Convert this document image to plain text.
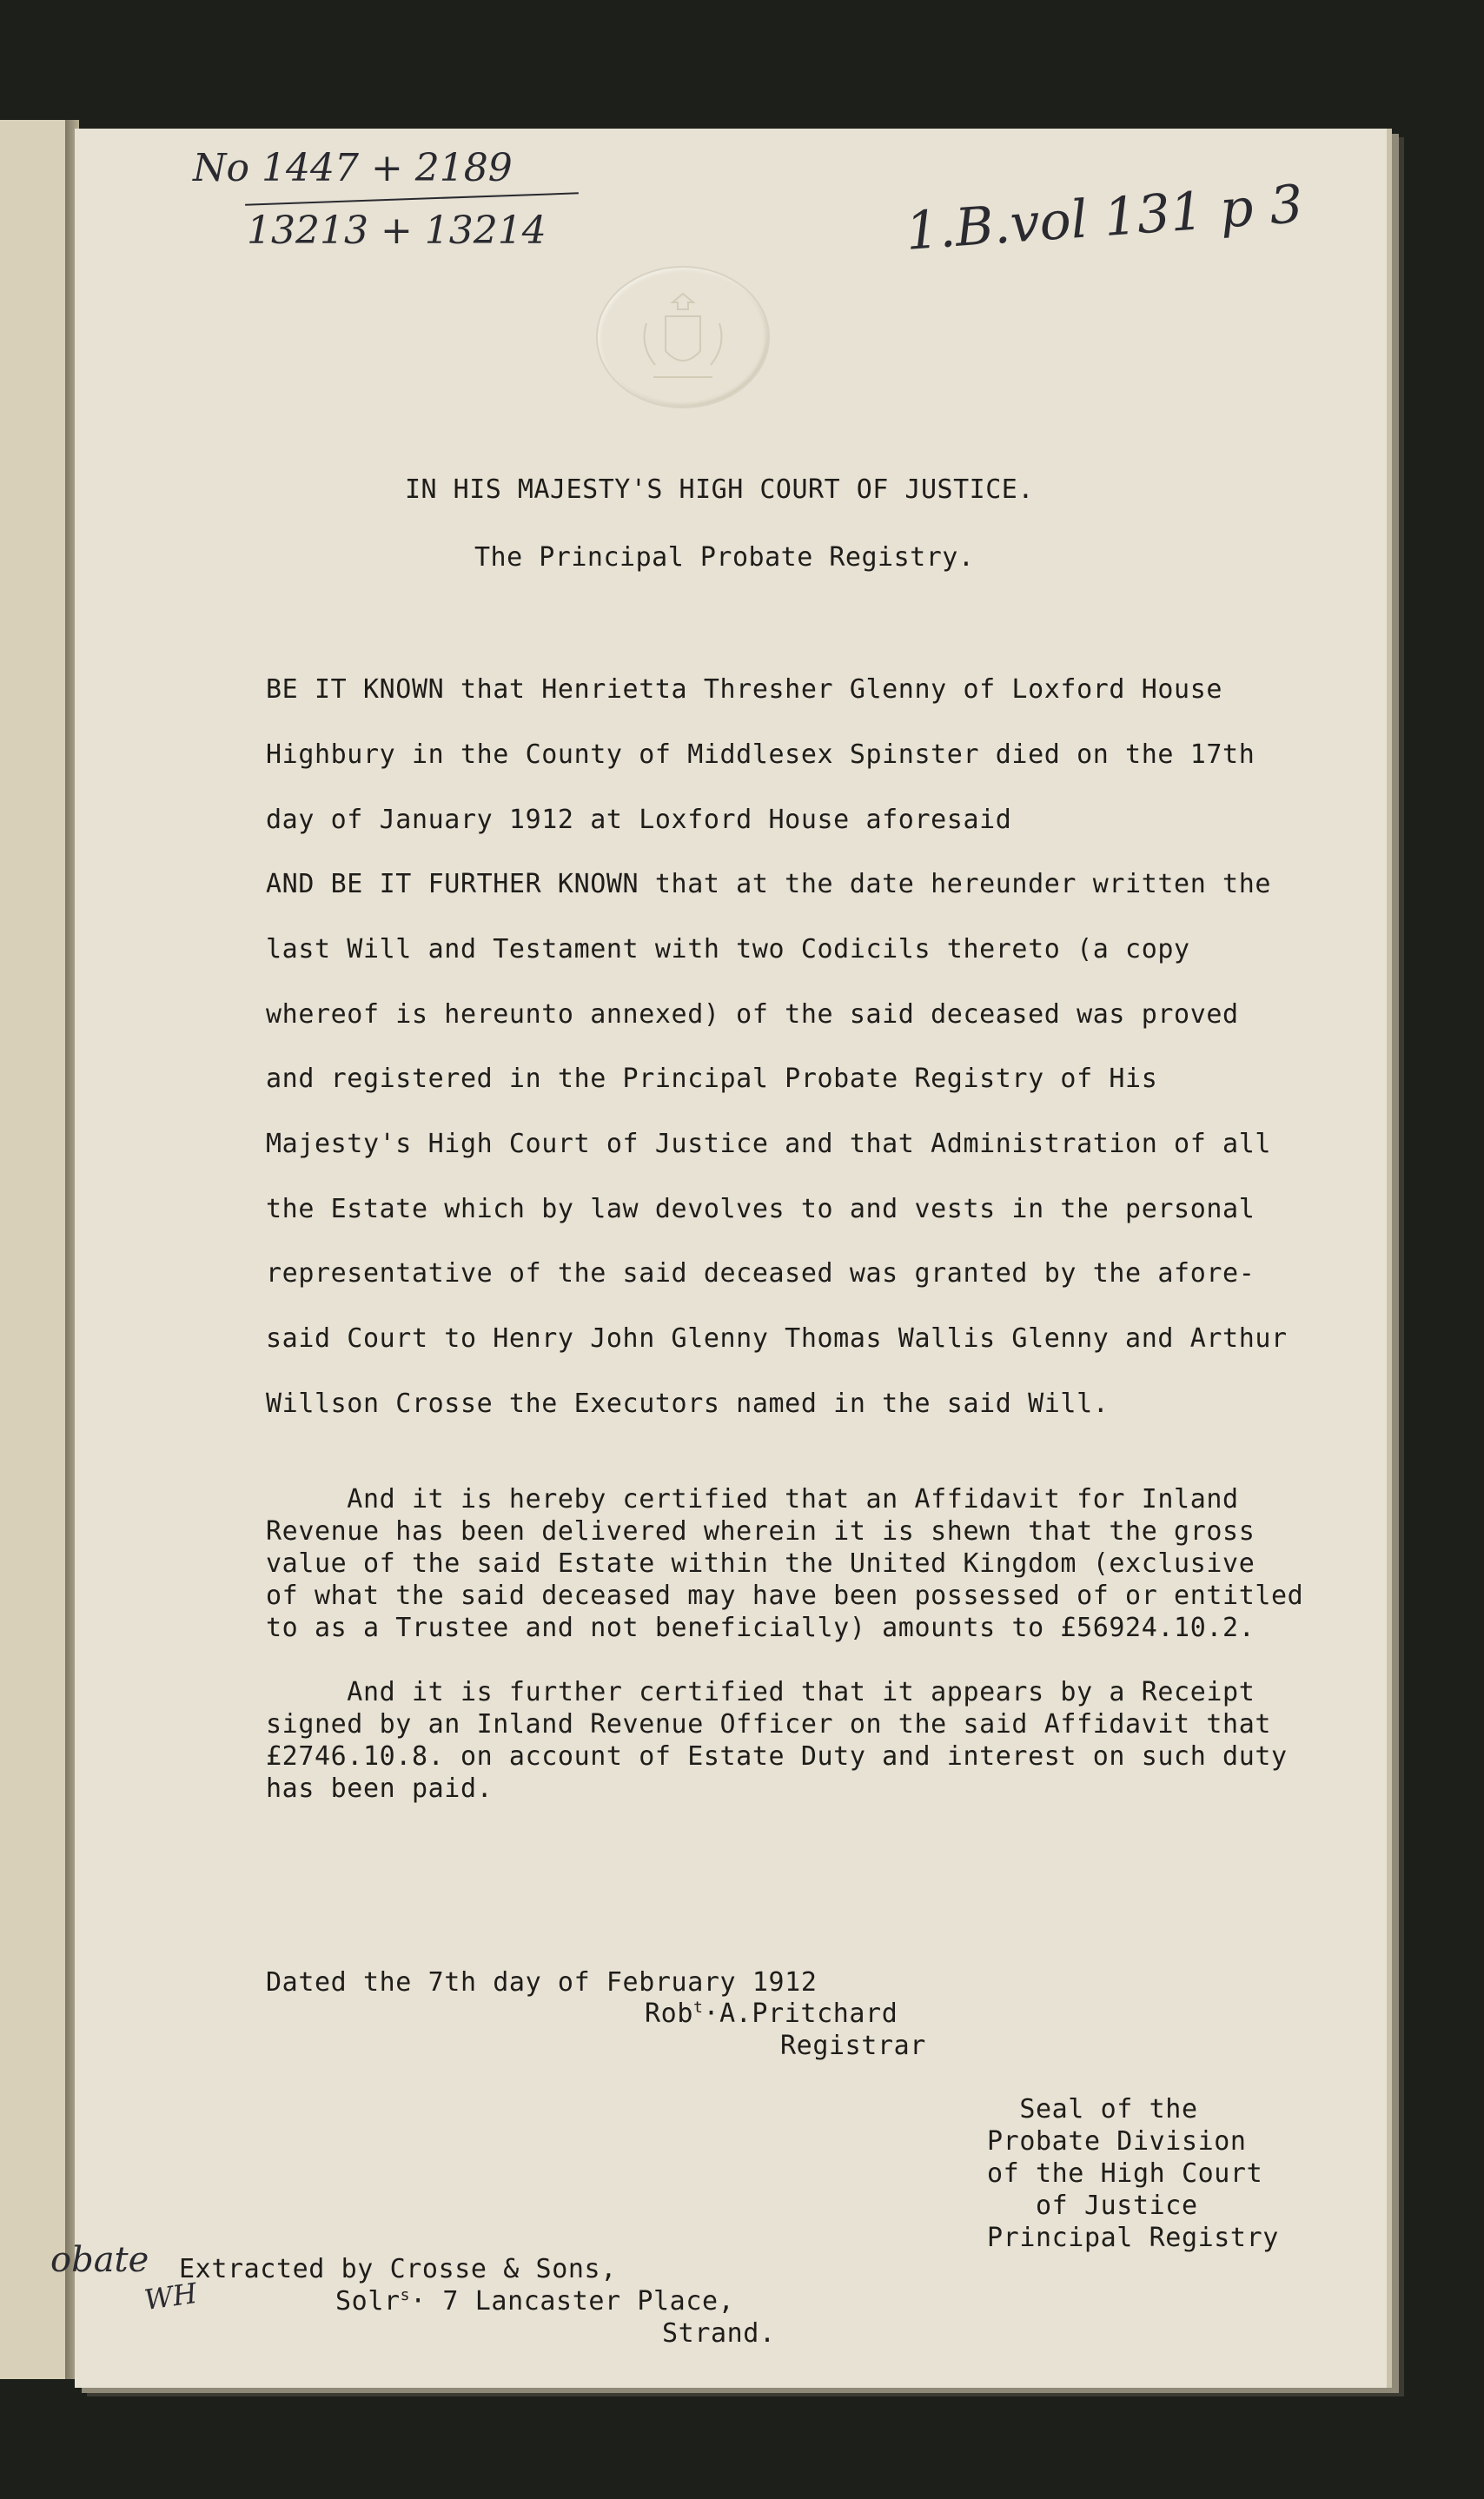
No 1447 + 2189
13213 + 13214	1.B.vol 131 p 3
obate
WH
IN HIS MAJESTY'S HIGH COURT OF JUSTICE.
The Principal Probate Registry.
BE IT KNOWN that Henrietta Thresher Glenny of Loxford House
Highbury in the County of Middlesex Spinster died on the 17th
day of January 1912 at Loxford House aforesaid
AND BE IT FURTHER KNOWN that at the date hereunder written the
last Will and Testament with two Codicils thereto (a copy
whereof is hereunto annexed) of the said deceased was proved
and registered in the Principal Probate Registry of His
Majesty's High Court of Justice and that Administration of all
the Estate which by law devolves to and vests in the personal
representative of the said deceased was granted by the afore-
said Court to Henry John Glenny Thomas Wallis Glenny and Arthur
Willson Crosse the Executors named in the said Will.
And it is hereby certified that an Affidavit for Inland
Revenue has been delivered wherein it is shewn that the gross
value of the said Estate within the United Kingdom (exclusive
of what the said deceased may have been possessed of or entitled
to as a Trustee and not beneficially) amounts to £56924.10.2.
And it is further certified that it appears by a Receipt
signed by an Inland Revenue Officer on the said Affidavit that
£2746.10.8. on account of Estate Duty and interest on such duty
has been paid.
Dated the 7th day of February 1912
Rob$^t$·A.Pritchard
Registrar
Seal of the
Probate Division
of the High Court
of Justice
Principal Registry
Extracted by Crosse & Sons,
Solr$^s$· 7 Lancaster Place,
Strand.
